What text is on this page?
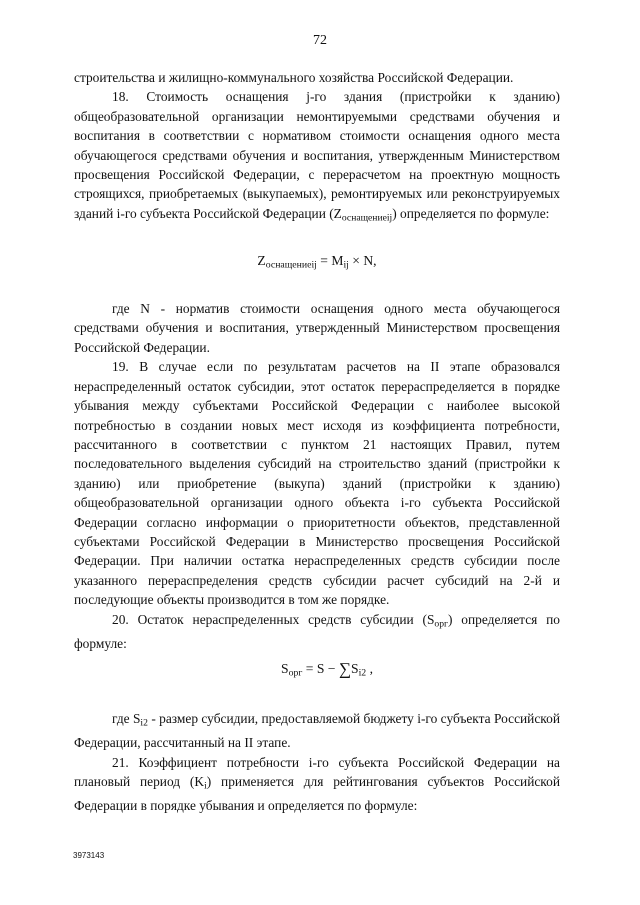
72

строительства и жилищно-коммунального хозяйства Российской Федерации.

18. Стоимость оснащения j-го здания (пристройки к зданию) общеобразовательной организации немонтируемыми средствами обучения и воспитания в соответствии с нормативом стоимости оснащения одного места обучающегося средствами обучения и воспитания, утвержденным Министерством просвещения Российской Федерации, с перерасчетом на проектную мощность строящихся, приобретаемых (выкупаемых), ремонтируемых или реконструируемых зданий i-го субъекта Российской Федерации $(Z_{оснащениеij})$ определяется по формуле:

$Z_{оснащениеij} = M_{ij} \times N$,

где N - норматив стоимости оснащения одного места обучающегося средствами обучения и воспитания, утвержденный Министерством просвещения Российской Федерации.

19. В случае если по результатам расчетов на II этапе образовался нераспределенный остаток субсидии, этот остаток перераспределяется в порядке убывания между субъектами Российской Федерации с наиболее высокой потребностью в создании новых мест исходя из коэффициента потребности, рассчитанного в соответствии с пунктом 21 настоящих Правил, путем последовательного выделения субсидий на строительство зданий (пристройки к зданию) или приобретение (выкупа) зданий (пристройки к зданию) общеобразовательной организации одного объекта i-го субъекта Российской Федерации согласно информации о приоритетности объектов, представленной субъектами Российской Федерации в Министерство просвещения Российской Федерации. При наличии остатка нераспределенных средств субсидии после указанного перераспределения средств субсидии расчет субсидий на 2-й и последующие объекты производится в том же порядке.

20. Остаток нераспределенных средств субсидии $(S_{орг})$ определяется по формуле:

$S_{орг} = S - \sum S_{i2}$ ,

где $S_{i2}$ - размер субсидии, предоставляемой бюджету i-го субъекта Российской Федерации, рассчитанный на II этапе.

21. Коэффициент потребности i-го субъекта Российской Федерации на плановый период $(K_i)$ применяется для рейтингования субъектов Российской Федерации в порядке убывания и определяется по формуле:

3973143
